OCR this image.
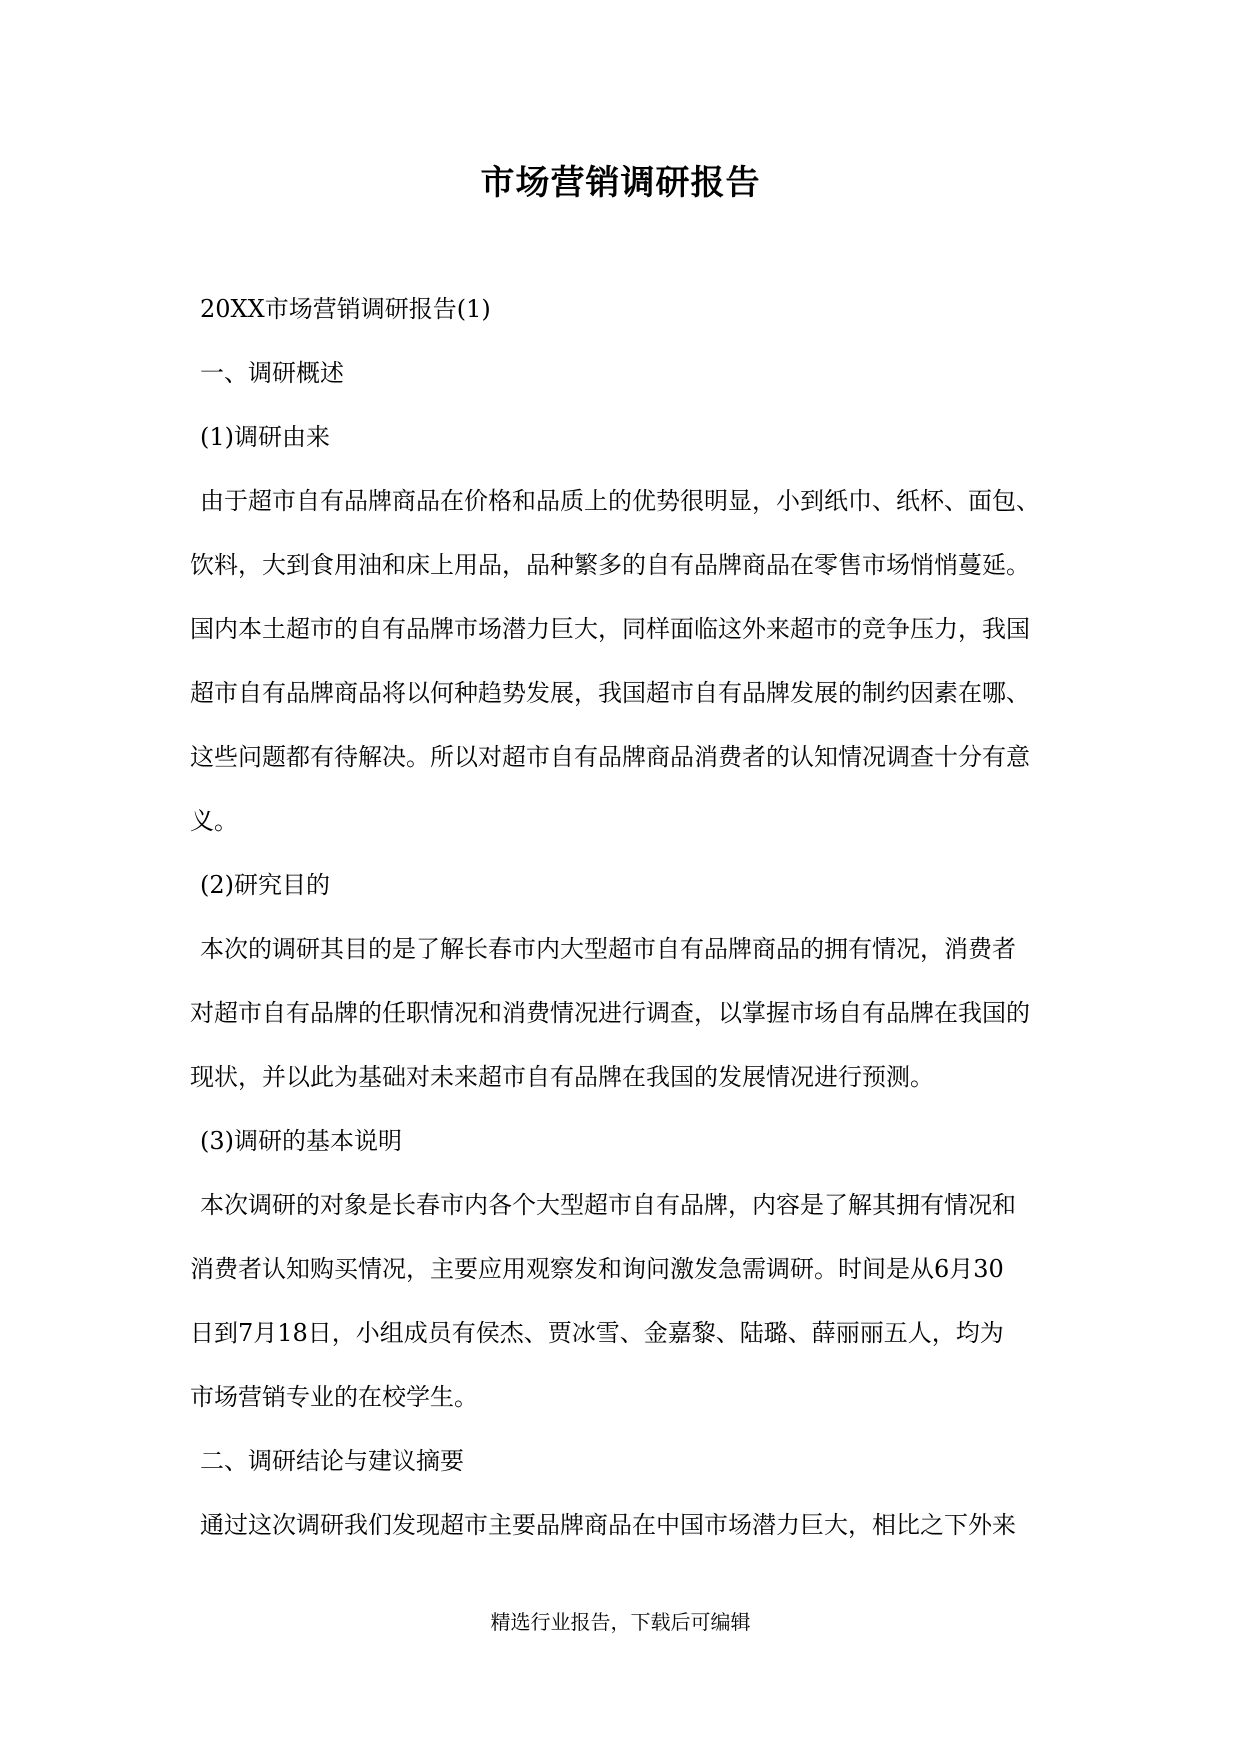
市场营销调研报告
20XX市场营销调研报告(1)
一、调研概述
(1)调研由来
由于超市自有品牌商品在价格和品质上的优势很明显，小到纸巾、纸杯、面包、
饮料，大到食用油和床上用品，品种繁多的自有品牌商品在零售市场悄悄蔓延。
国内本土超市的自有品牌市场潜力巨大，同样面临这外来超市的竞争压力，我国
超市自有品牌商品将以何种趋势发展，我国超市自有品牌发展的制约因素在哪、
这些问题都有待解决。所以对超市自有品牌商品消费者的认知情况调查十分有意
义。
(2)研究目的
本次的调研其目的是了解长春市内大型超市自有品牌商品的拥有情况，消费者
对超市自有品牌的任职情况和消费情况进行调查，以掌握市场自有品牌在我国的
现状，并以此为基础对未来超市自有品牌在我国的发展情况进行预测。
(3)调研的基本说明
本次调研的对象是长春市内各个大型超市自有品牌，内容是了解其拥有情况和
消费者认知购买情况，主要应用观察发和询问激发急需调研。时间是从6月30
日到7月18日，小组成员有侯杰、贾冰雪、金嘉黎、陆璐、薛丽丽五人，均为
市场营销专业的在校学生。
二、调研结论与建议摘要
通过这次调研我们发现超市主要品牌商品在中国市场潜力巨大，相比之下外来
精选行业报告，下载后可编辑
